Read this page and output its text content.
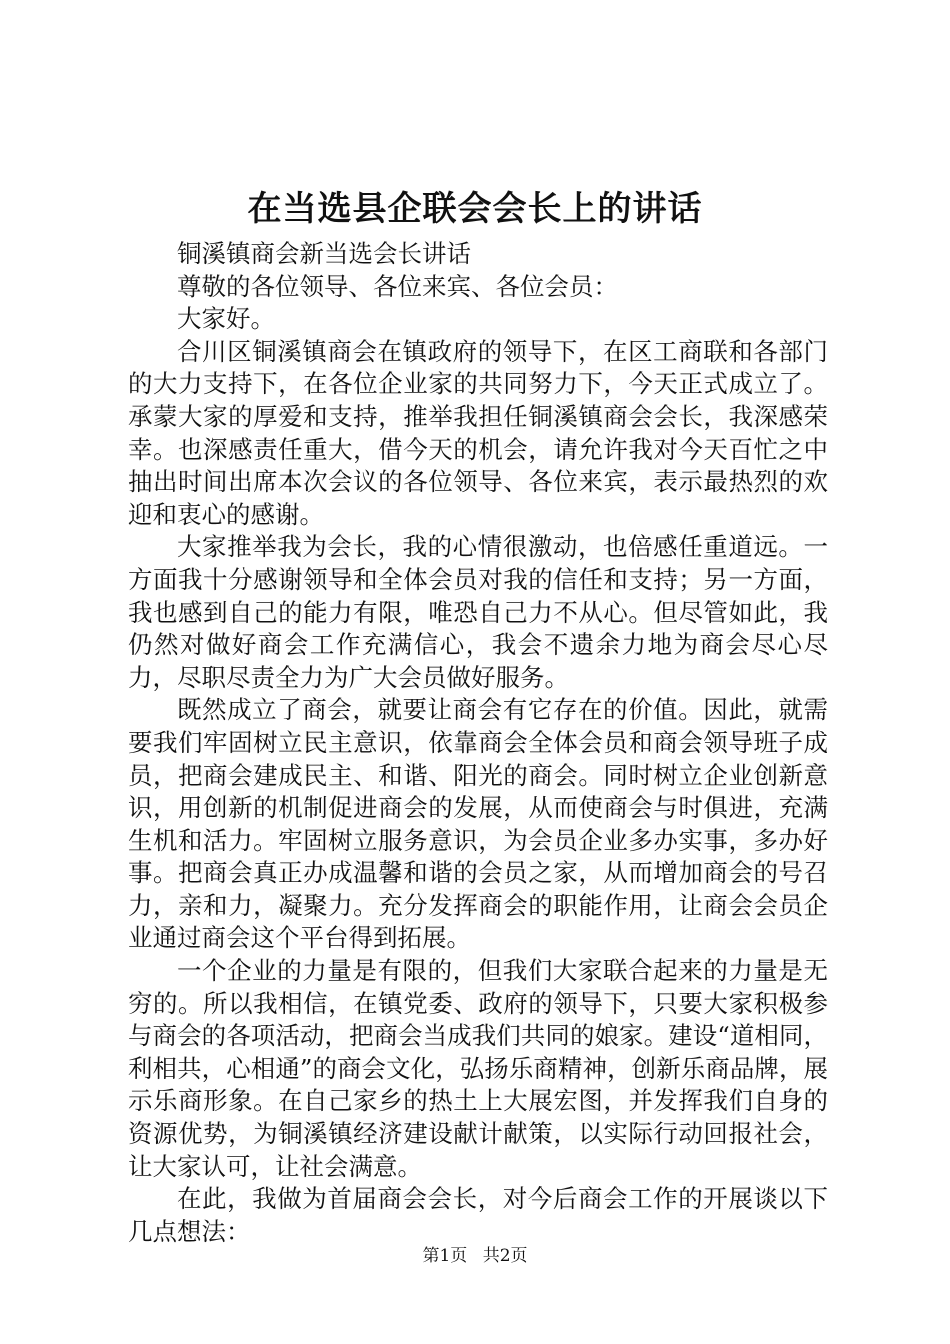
在当选县企联会会长上的讲话

铜溪镇商会新当选会长讲话

尊敬的各位领导、各位来宾、各位会员：

大家好。

合川区铜溪镇商会在镇政府的领导下，在区工商联和各部门的大力支持下，在各位企业家的共同努力下，今天正式成立了。承蒙大家的厚爱和支持，推举我担任铜溪镇商会会长，我深感荣幸。也深感责任重大，借今天的机会，请允许我对今天百忙之中抽出时间出席本次会议的各位领导、各位来宾，表示最热烈的欢迎和衷心的感谢。

大家推举我为会长，我的心情很激动，也倍感任重道远。一方面我十分感谢领导和全体会员对我的信任和支持；另一方面，我也感到自己的能力有限，唯恐自己力不从心。但尽管如此，我仍然对做好商会工作充满信心，我会不遗余力地为商会尽心尽力，尽职尽责全力为广大会员做好服务。

既然成立了商会，就要让商会有它存在的价值。因此，就需要我们牢固树立民主意识，依靠商会全体会员和商会领导班子成员，把商会建成民主、和谐、阳光的商会。同时树立企业创新意识，用创新的机制促进商会的发展，从而使商会与时俱进，充满生机和活力。牢固树立服务意识，为会员企业多办实事，多办好事。把商会真正办成温馨和谐的会员之家，从而增加商会的号召力，亲和力，凝聚力。充分发挥商会的职能作用，让商会会员企业通过商会这个平台得到拓展。

一个企业的力量是有限的，但我们大家联合起来的力量是无穷的。所以我相信，在镇党委、政府的领导下，只要大家积极参与商会的各项活动，把商会当成我们共同的娘家。建设“道相同，利相共，心相通”的商会文化，弘扬乐商精神，创新乐商品牌，展示乐商形象。在自己家乡的热土上大展宏图，并发挥我们自身的资源优势，为铜溪镇经济建设献计献策，以实际行动回报社会，让大家认可，让社会满意。

在此，我做为首届商会会长，对今后商会工作的开展谈以下几点想法：

第1页 共2页
